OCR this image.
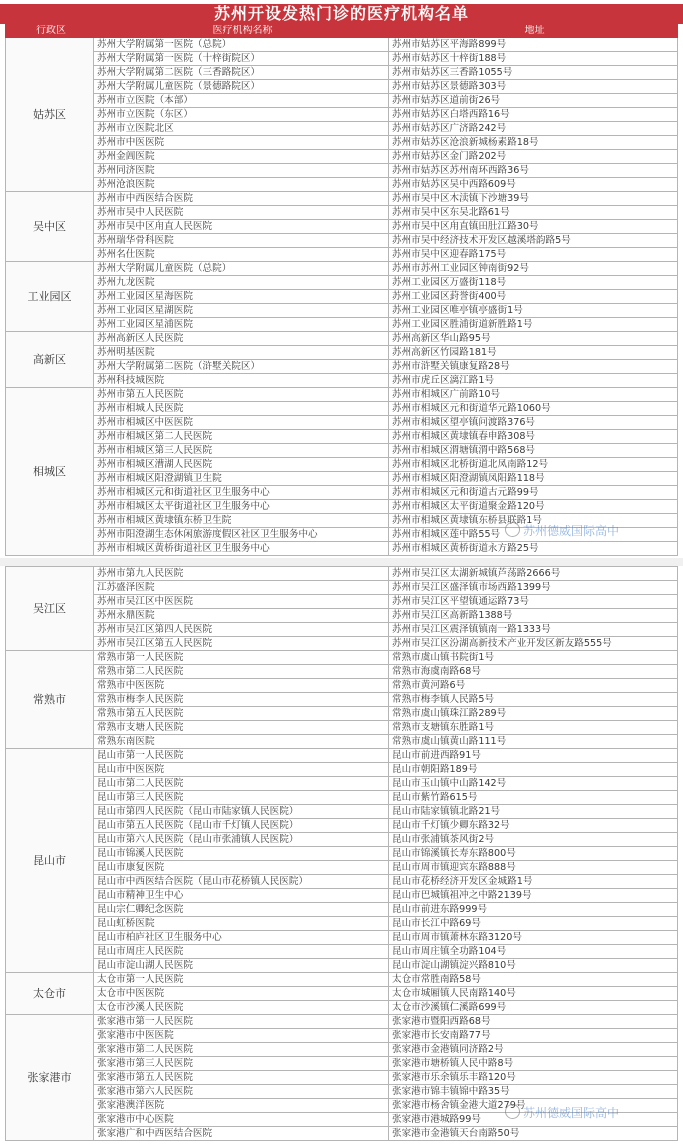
苏州开设发热门诊的医疗机构名单
行政区	医疗机构名称	地址
姑苏区	苏州大学附属第一医院（总院）	苏州市姑苏区平海路899号
	苏州大学附属第一医院（十梓街院区）	苏州市姑苏区十梓街188号
	苏州大学附属第二医院（三香路院区）	苏州市姑苏区三香路1055号
	苏州大学附属儿童医院（景德路院区）	苏州市姑苏区景德路303号
	苏州市立医院（本部）	苏州市姑苏区道前街26号
	苏州市立医院（东区）	苏州市姑苏区白塔西路16号
	苏州市立医院北区	苏州市姑苏区广济路242号
	苏州市中医医院	苏州市姑苏区沧浪新城杨素路18号
	苏州金阊医院	苏州市姑苏区金门路202号
	苏州同济医院	苏州市姑苏区苏州南环西路36号
	苏州沧浪医院	苏州市姑苏区吴中西路609号
吴中区	苏州市中西医结合医院	苏州市吴中区木渎镇下沙塘39号
	苏州市吴中人民医院	苏州市吴中区东吴北路61号
	苏州市吴中区甪直人民医院	苏州市吴中区甪直镇田肚江路30号
	苏州瑞华骨科医院	苏州市吴中经济技术开发区越溪塔韵路5号
	苏州名仕医院	苏州市吴中区迎春路175号
工业园区	苏州大学附属儿童医院（总院）	苏州市苏州工业园区钟南街92号
	苏州九龙医院	苏州工业园区万盛街118号
	苏州工业园区星海医院	苏州工业园区葑誉街400号
	苏州工业园区星湖医院	苏州工业园区唯亭镇亭盛街1号
	苏州工业园区星浦医院	苏州工业园区胜浦街道新胜路1号
高新区	苏州高新区人民医院	苏州高新区华山路95号
	苏州明基医院	苏州高新区竹园路181号
	苏州大学附属第二医院（浒墅关院区）	苏州市浒墅关镇康复路28号
	苏州科技城医院	苏州市虎丘区漓江路1号
相城区	苏州市第五人民医院	苏州市相城区广前路10号
	苏州市相城人民医院	苏州市相城区元和街道华元路1060号
	苏州市相城区中医医院	苏州市相城区望亭镇问渡路376号
	苏州市相城区第二人民医院	苏州市相城区黄埭镇春申路308号
	苏州市相城区第三人民医院	苏州市相城区渭塘镇渭中路568号
	苏州市相城区漕湖人民医院	苏州市相城区北桥街道北凤南路12号
	苏州市相城区阳澄湖镇卫生院	苏州市相城区阳澄湖镇凤阳路118号
	苏州市相城区元和街道社区卫生服务中心	苏州市相城区元和街道古元路99号
	苏州市相城区太平街道社区卫生服务中心	苏州市相城区太平街道聚金路120号
	苏州市相城区黄埭镇东桥卫生院	苏州市相城区黄埭镇东桥县联路1号
	苏州市阳澄湖生态休闲旅游度假区社区卫生服务中心	苏州市相城区莲中路55号
	苏州市相城区黄桥街道社区卫生服务中心	苏州市相城区黄桥街道永方路25号
吴江区	苏州市第九人民医院	苏州市吴江区太湖新城镇芦荡路2666号
	江苏盛泽医院	苏州市吴江区盛泽镇市场西路1399号
	苏州市吴江区中医医院	苏州市吴江区平望镇通运路73号
	苏州永鼎医院	苏州市吴江区高新路1388号
	苏州市吴江区第四人民医院	苏州市吴江区震泽镇镇南一路1333号
	苏州市吴江区第五人民医院	苏州市吴江区汾湖高新技术产业开发区新友路555号
常熟市	常熟市第一人民医院	常熟市虞山镇书院街1号
	常熟市第二人民医院	常熟市海虞南路68号
	常熟市中医医院	常熟市黄河路6号
	常熟市梅李人民医院	常熟市梅李镇人民路5号
	常熟市第五人民医院	常熟市虞山镇珠江路289号
	常熟市支塘人民医院	常熟市支塘镇东胜路1号
	常熟东南医院	常熟市虞山镇黄山路111号
昆山市	昆山市第一人民医院	昆山市前进西路91号
	昆山市中医医院	昆山市朝阳路189号
	昆山市第二人民医院	昆山市玉山镇中山路142号
	昆山市第三人民医院	昆山市紫竹路615号
	昆山市第四人民医院（昆山市陆家镇人民医院）	昆山市陆家镇镇北路21号
	昆山市第五人民医院（昆山市千灯镇人民医院）	昆山市千灯镇少卿东路32号
	昆山市第六人民医院（昆山市张浦镇人民医院）	昆山市张浦镇茶风街2号
	昆山市锦溪人民医院	昆山市锦溪镇长寿东路800号
	昆山市康复医院	昆山市周市镇迎宾东路888号
	昆山市中西医结合医院（昆山市花桥镇人民医院）	昆山市花桥经济开发区金城路1号
	昆山市精神卫生中心	昆山市巴城镇祖冲之中路2139号
	昆山宗仁卿纪念医院	昆山市前进东路999号
	昆山虹桥医院	昆山市长江中路69号
	昆山市柏庐社区卫生服务中心	昆山市周市镇萧林东路3120号
	昆山市周庄人民医院	昆山市周庄镇全功路104号
	昆山市淀山湖人民医院	昆山市淀山湖镇淀兴路810号
太仓市	太仓市第一人民医院	太仓市常胜南路58号
	太仓市中医医院	太仓市城厢镇人民南路140号
	太仓市沙溪人民医院	太仓市沙溪镇仁溪路699号
张家港市	张家港市第一人民医院	张家港市暨阳西路68号
	张家港市中医医院	张家港市长安南路77号
	张家港市第二人民医院	张家港市金港镇同济路2号
	张家港市第三人民医院	张家港市塘桥镇人民中路8号
	张家港市第五人民医院	张家港市乐余镇乐丰路120号
	张家港市第六人民医院	张家港市锦丰镇锦中路35号
	张家港澳洋医院	张家港市杨舍镇金港大道279号
	张家港市中心医院	张家港市港城路99号
	张家港广和中西医结合医院	张家港市金港镇天台南路50号
苏州德威国际高中
苏州德威国际高中
